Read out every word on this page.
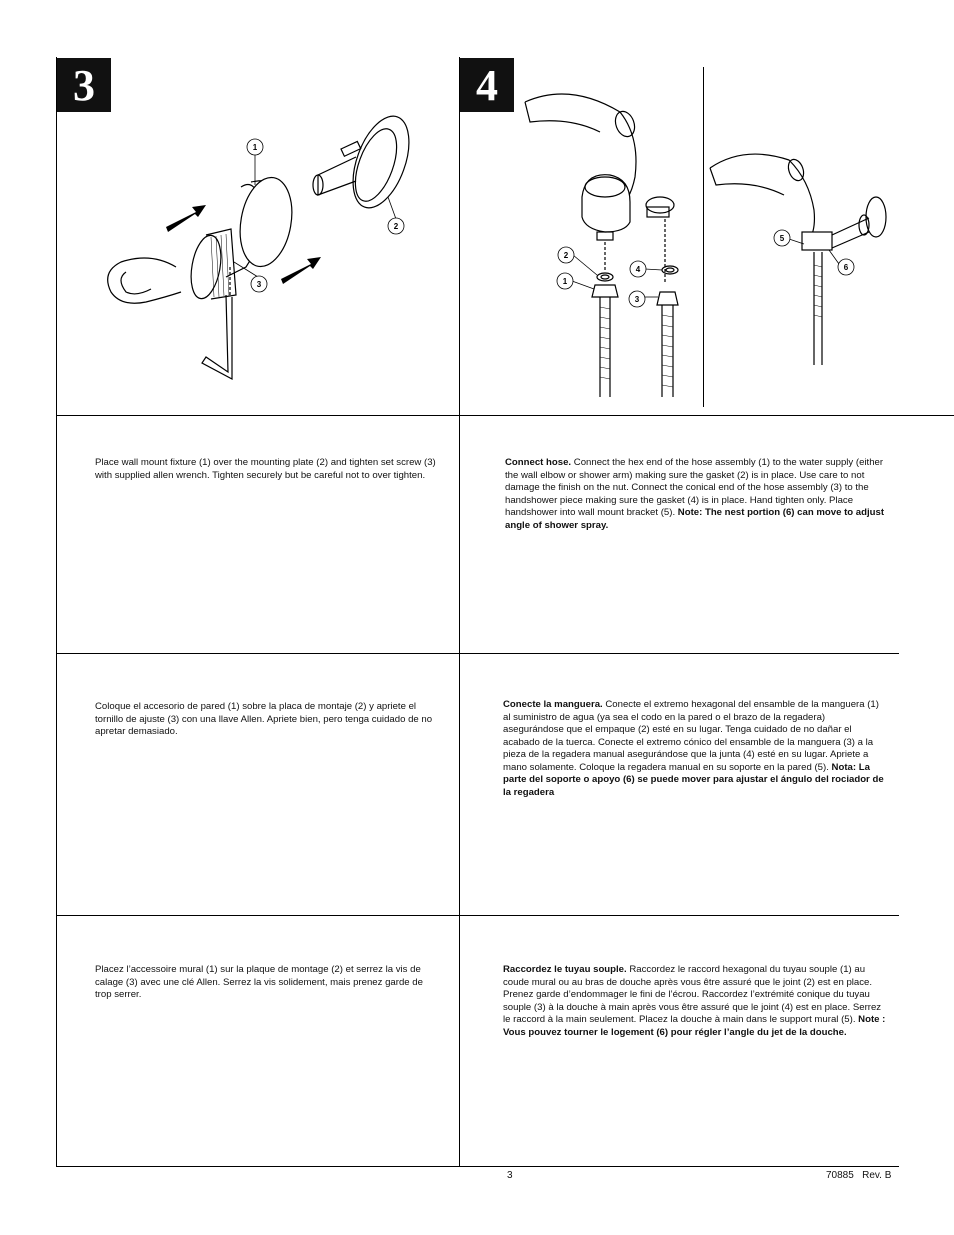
3	4
1
2
3
2
1
4
3
5
6
Place wall mount fixture (1) over the mounting plate (2) and tighten set screw (3) with supplied allen wrench. Tighten securely but be careful not to over tighten.
Coloque el accesorio de pared (1) sobre la placa de montaje (2) y apriete el tornillo de ajuste (3) con una llave Allen. Apriete bien, pero tenga cuidado de no apretar demasiado.
Placez l’accessoire mural (1) sur la plaque de montage (2) et serrez la vis de calage (3) avec une clé Allen. Serrez la vis solidement, mais prenez garde de trop serrer.
Connect hose. Connect the hex end of the hose assembly (1) to the water supply (either the wall elbow or shower arm) making sure the gasket (2) is in place. Use care to not damage the finish on the nut. Connect the conical end of the hose assembly (3) to the handshower piece making sure the gasket (4) is in place. Hand tighten only. Place handshower into wall mount bracket (5). Note: The nest portion (6) can move to adjust angle of shower spray.
Conecte la manguera. Conecte el extremo hexagonal del ensamble de la manguera (1) al suministro de agua (ya sea el codo en la pared o el brazo de la regadera) asegurándose que el empaque (2) esté en su lugar. Tenga cuidado de no dañar el acabado de la tuerca. Conecte el extremo cónico del ensamble de la manguera (3) a la pieza de la regadera manual asegurándose que la junta (4) esté en su lugar. Apriete a mano solamente. Coloque la regadera manual en su soporte en la pared (5). Nota: La parte del soporte o apoyo (6) se puede mover para ajustar el ángulo del rociador de la regadera
Raccordez le tuyau souple. Raccordez le raccord hexagonal du tuyau souple (1) au coude mural ou au bras de douche après vous être assuré que le joint (2) est en place. Prenez garde d’endommager le fini de l’écrou. Raccordez l’extrémité conique du tuyau souple (3) à la douche à main après vous être assuré que le joint (4) est en place. Serrez le raccord à la main seulement. Placez la douche à main dans le support mural (5). Note : Vous pouvez tourner le logement (6) pour régler l’angle du jet de la douche.
3	70885   Rev. B
